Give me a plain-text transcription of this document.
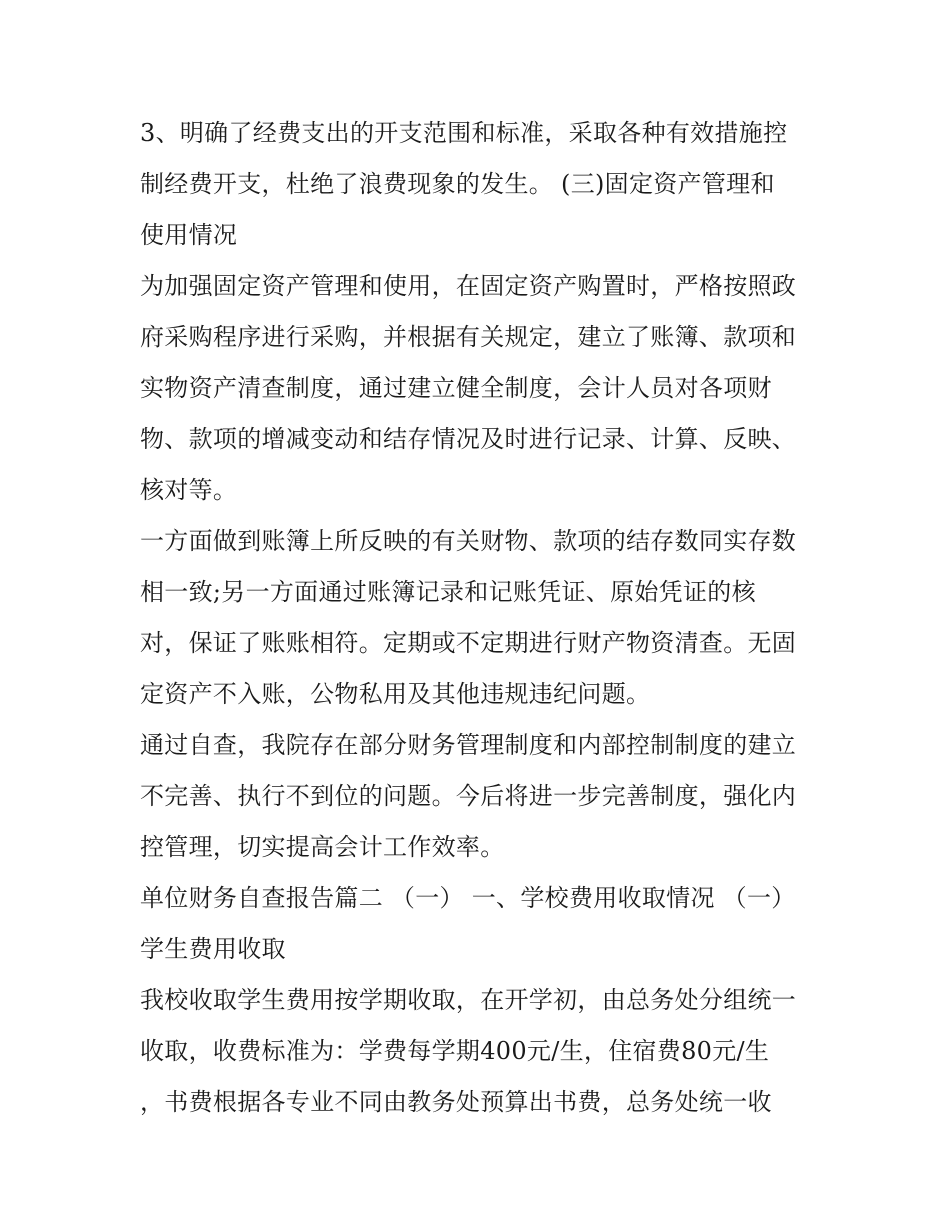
3、明确了经费支出的开支范围和标准，采取各种有效措施控
制经费开支，杜绝了浪费现象的发生。 (三)固定资产管理和
使用情况
为加强固定资产管理和使用，在固定资产购置时，严格按照政
府采购程序进行采购，并根据有关规定，建立了账簿、款项和
实物资产清查制度，通过建立健全制度，会计人员对各项财
物、款项的增减变动和结存情况及时进行记录、计算、反映、
核对等。
一方面做到账簿上所反映的有关财物、款项的结存数同实存数
相一致;另一方面通过账簿记录和记账凭证、原始凭证的核
对，保证了账账相符。定期或不定期进行财产物资清查。无固
定资产不入账，公物私用及其他违规违纪问题。
通过自查，我院存在部分财务管理制度和内部控制制度的建立
不完善、执行不到位的问题。今后将进一步完善制度，强化内
控管理，切实提高会计工作效率。
单位财务自查报告篇二 （一） 一、学校费用收取情况 （一）
学生费用收取
我校收取学生费用按学期收取，在开学初，由总务处分组统一
收取，收费标准为：学费每学期400元/生，住宿费80元/生
，书费根据各专业不同由教务处预算出书费，总务处统一收
